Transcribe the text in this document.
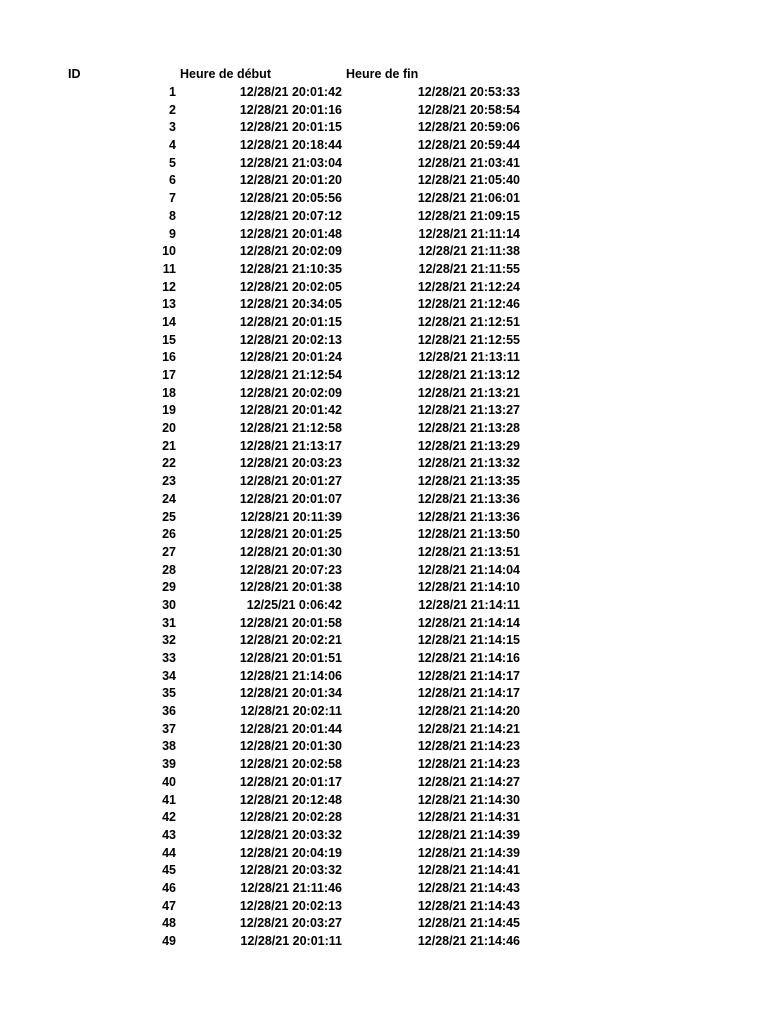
ID	Heure de début	Heure de fin
1	12/28/21 20:01:42	12/28/21 20:53:33
2	12/28/21 20:01:16	12/28/21 20:58:54
3	12/28/21 20:01:15	12/28/21 20:59:06
4	12/28/21 20:18:44	12/28/21 20:59:44
5	12/28/21 21:03:04	12/28/21 21:03:41
6	12/28/21 20:01:20	12/28/21 21:05:40
7	12/28/21 20:05:56	12/28/21 21:06:01
8	12/28/21 20:07:12	12/28/21 21:09:15
9	12/28/21 20:01:48	12/28/21 21:11:14
10	12/28/21 20:02:09	12/28/21 21:11:38
11	12/28/21 21:10:35	12/28/21 21:11:55
12	12/28/21 20:02:05	12/28/21 21:12:24
13	12/28/21 20:34:05	12/28/21 21:12:46
14	12/28/21 20:01:15	12/28/21 21:12:51
15	12/28/21 20:02:13	12/28/21 21:12:55
16	12/28/21 20:01:24	12/28/21 21:13:11
17	12/28/21 21:12:54	12/28/21 21:13:12
18	12/28/21 20:02:09	12/28/21 21:13:21
19	12/28/21 20:01:42	12/28/21 21:13:27
20	12/28/21 21:12:58	12/28/21 21:13:28
21	12/28/21 21:13:17	12/28/21 21:13:29
22	12/28/21 20:03:23	12/28/21 21:13:32
23	12/28/21 20:01:27	12/28/21 21:13:35
24	12/28/21 20:01:07	12/28/21 21:13:36
25	12/28/21 20:11:39	12/28/21 21:13:36
26	12/28/21 20:01:25	12/28/21 21:13:50
27	12/28/21 20:01:30	12/28/21 21:13:51
28	12/28/21 20:07:23	12/28/21 21:14:04
29	12/28/21 20:01:38	12/28/21 21:14:10
30	12/25/21 0:06:42	12/28/21 21:14:11
31	12/28/21 20:01:58	12/28/21 21:14:14
32	12/28/21 20:02:21	12/28/21 21:14:15
33	12/28/21 20:01:51	12/28/21 21:14:16
34	12/28/21 21:14:06	12/28/21 21:14:17
35	12/28/21 20:01:34	12/28/21 21:14:17
36	12/28/21 20:02:11	12/28/21 21:14:20
37	12/28/21 20:01:44	12/28/21 21:14:21
38	12/28/21 20:01:30	12/28/21 21:14:23
39	12/28/21 20:02:58	12/28/21 21:14:23
40	12/28/21 20:01:17	12/28/21 21:14:27
41	12/28/21 20:12:48	12/28/21 21:14:30
42	12/28/21 20:02:28	12/28/21 21:14:31
43	12/28/21 20:03:32	12/28/21 21:14:39
44	12/28/21 20:04:19	12/28/21 21:14:39
45	12/28/21 20:03:32	12/28/21 21:14:41
46	12/28/21 21:11:46	12/28/21 21:14:43
47	12/28/21 20:02:13	12/28/21 21:14:43
48	12/28/21 20:03:27	12/28/21 21:14:45
49	12/28/21 20:01:11	12/28/21 21:14:46
